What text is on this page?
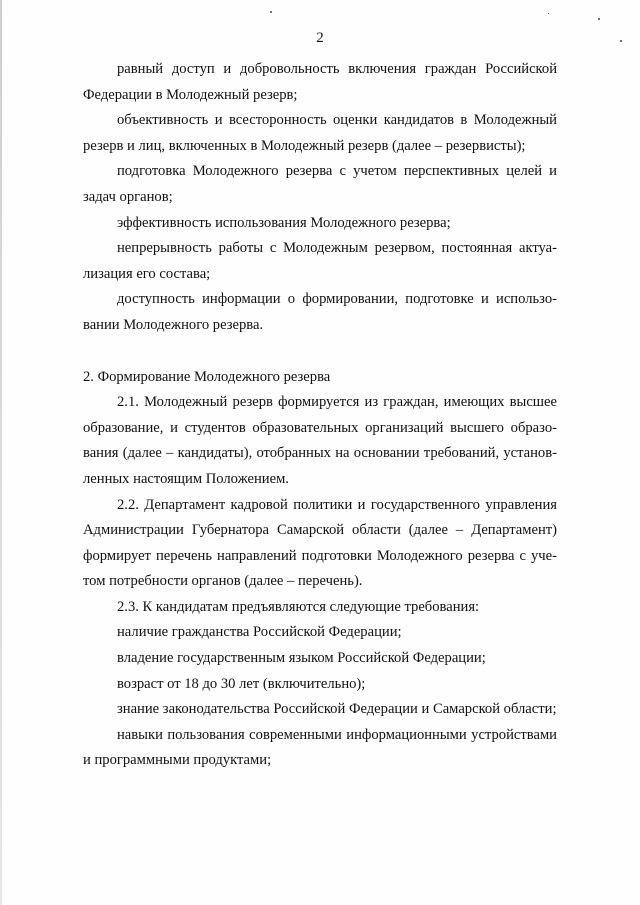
2

равный доступ и добровольность включения граждан Российской Федерации в Молодежный резерв;

объективность и всесторонность оценки кандидатов в Молодежный резерв и лиц, включенных в Молодежный резерв (далее – резервисты);

подготовка Молодежного резерва с учетом перспективных целей и задач органов;

эффективность использования Молодежного резерва;

непрерывность работы с Молодежным резервом, постоянная актуализация его состава;

доступность информации о формировании, подготовке и использовании Молодежного резерва.

2. Формирование Молодежного резерва

2.1. Молодежный резерв формируется из граждан, имеющих высшее образование, и студентов образовательных организаций высшего образования (далее – кандидаты), отобранных на основании требований, установленных настоящим Положением.

2.2. Департамент кадровой политики и государственного управления Администрации Губернатора Самарской области (далее – Департамент) формирует перечень направлений подготовки Молодежного резерва с учетом потребности органов (далее – перечень).

2.3. К кандидатам предъявляются следующие требования:

наличие гражданства Российской Федерации;

владение государственным языком Российской Федерации;

возраст от 18 до 30 лет (включительно);

знание законодательства Российской Федерации и Самарской области;

навыки пользования современными информационными устройствами и программными продуктами;
